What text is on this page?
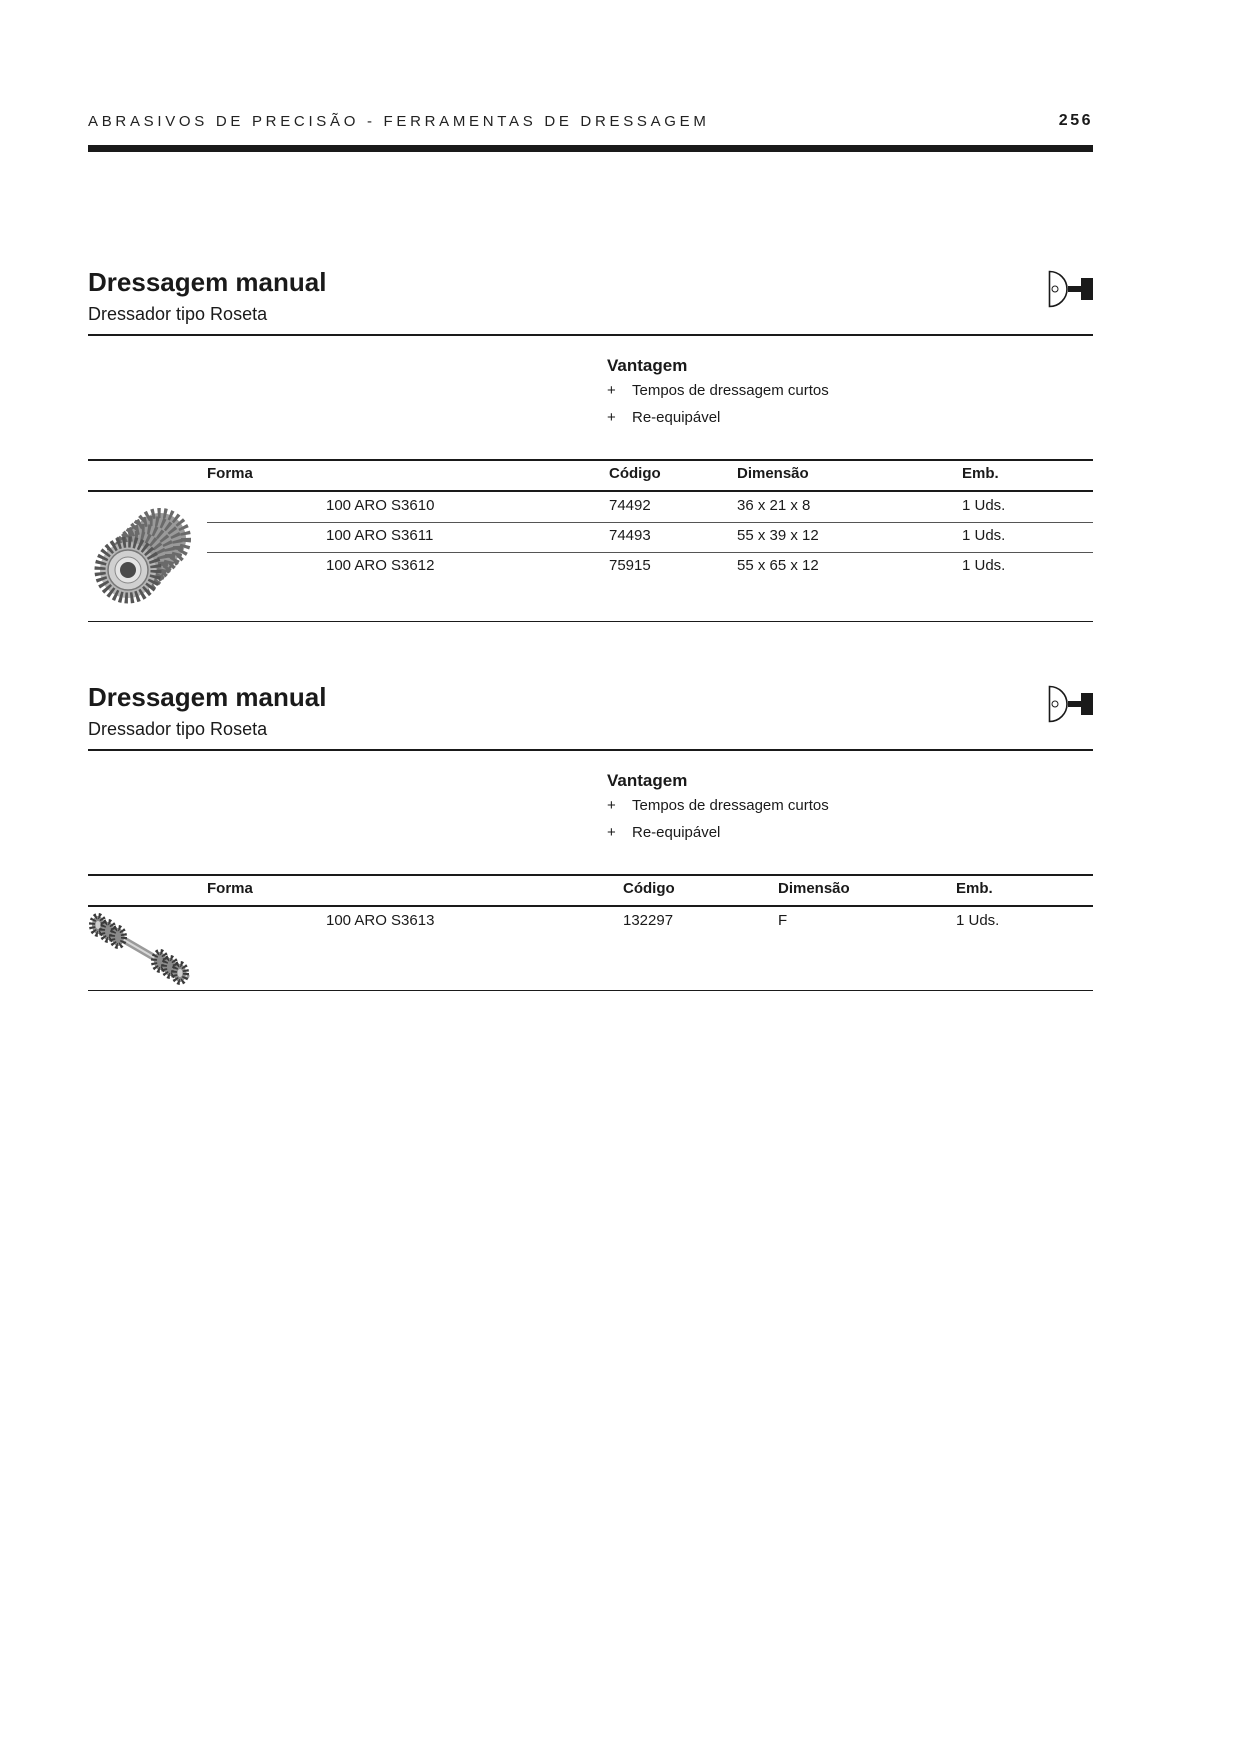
ABRASIVOS DE PRECISÃO - FERRAMENTAS DE DRESSAGEM	256
Dressagem manual
Dressador tipo Roseta
Vantagem
+ Tempos de dressagem curtos
+ Re-equipável
Forma	Código	Dimensão	Emb.
100 ARO S3610	74492	36 x 21 x 8	1 Uds.
100 ARO S3611	74493	55 x 39 x 12	1 Uds.
100 ARO S3612	75915	55 x 65 x 12	1 Uds.
Dressagem manual
Dressador tipo Roseta
Vantagem
+ Tempos de dressagem curtos
+ Re-equipável
Forma	Código	Dimensão	Emb.
100 ARO S3613	132297	F	1 Uds.
